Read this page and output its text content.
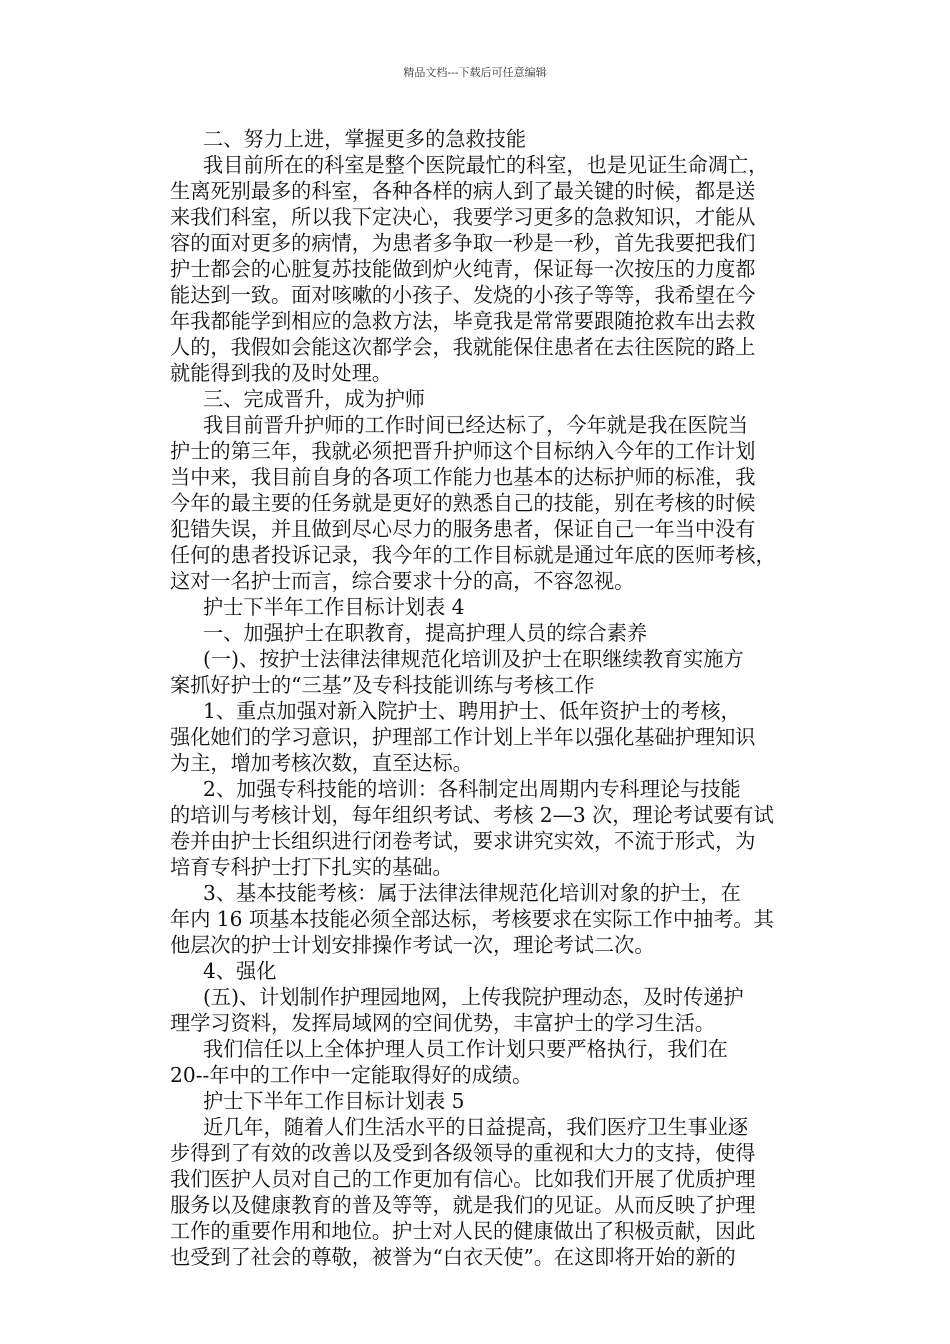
精品文档---下载后可任意编辑
二、努力上进，掌握更多的急救技能
我目前所在的科室是整个医院最忙的科室，也是见证生命凋亡，
生离死别最多的科室，各种各样的病人到了最关键的时候，都是送
来我们科室，所以我下定决心，我要学习更多的急救知识，才能从
容的面对更多的病情，为患者多争取一秒是一秒，首先我要把我们
护士都会的心脏复苏技能做到炉火纯青，保证每一次按压的力度都
能达到一致。面对咳嗽的小孩子、发烧的小孩子等等，我希望在今
年我都能学到相应的急救方法，毕竟我是常常要跟随抢救车出去救
人的，我假如会能这次都学会，我就能保住患者在去往医院的路上
就能得到我的及时处理。
三、完成晋升，成为护师
我目前晋升护师的工作时间已经达标了，今年就是我在医院当
护士的第三年，我就必须把晋升护师这个目标纳入今年的工作计划
当中来，我目前自身的各项工作能力也基本的达标护师的标准，我
今年的最主要的任务就是更好的熟悉自己的技能，别在考核的时候
犯错失误，并且做到尽心尽力的服务患者，保证自己一年当中没有
任何的患者投诉记录，我今年的工作目标就是通过年底的医师考核，
这对一名护士而言，综合要求十分的高，不容忽视。
护士下半年工作目标计划表 4
一、加强护士在职教育，提高护理人员的综合素养
(一)、按护士法律法律规范化培训及护士在职继续教育实施方
案抓好护士的“三基”及专科技能训练与考核工作
1、重点加强对新入院护士、聘用护士、低年资护士的考核，
强化她们的学习意识，护理部工作计划上半年以强化基础护理知识
为主，增加考核次数，直至达标。
2、加强专科技能的培训：各科制定出周期内专科理论与技能
的培训与考核计划，每年组织考试、考核 2—3 次，理论考试要有试
卷并由护士长组织进行闭卷考试，要求讲究实效，不流于形式，为
培育专科护士打下扎实的基础。
3、基本技能考核：属于法律法律规范化培训对象的护士，在
年内 16 项基本技能必须全部达标，考核要求在实际工作中抽考。其
他层次的护士计划安排操作考试一次，理论考试二次。
4、强化
(五)、计划制作护理园地网，上传我院护理动态，及时传递护
理学习资料，发挥局域网的空间优势，丰富护士的学习生活。
我们信任以上全体护理人员工作计划只要严格执行，我们在
20--年中的工作中一定能取得好的成绩。
护士下半年工作目标计划表 5
近几年，随着人们生活水平的日益提高，我们医疗卫生事业逐
步得到了有效的改善以及受到各级领导的重视和大力的支持，使得
我们医护人员对自己的工作更加有信心。比如我们开展了优质护理
服务以及健康教育的普及等等，就是我们的见证。从而反映了护理
工作的重要作用和地位。护士对人民的健康做出了积极贡献，因此
也受到了社会的尊敬，被誉为“白衣天使”。在这即将开始的新的
